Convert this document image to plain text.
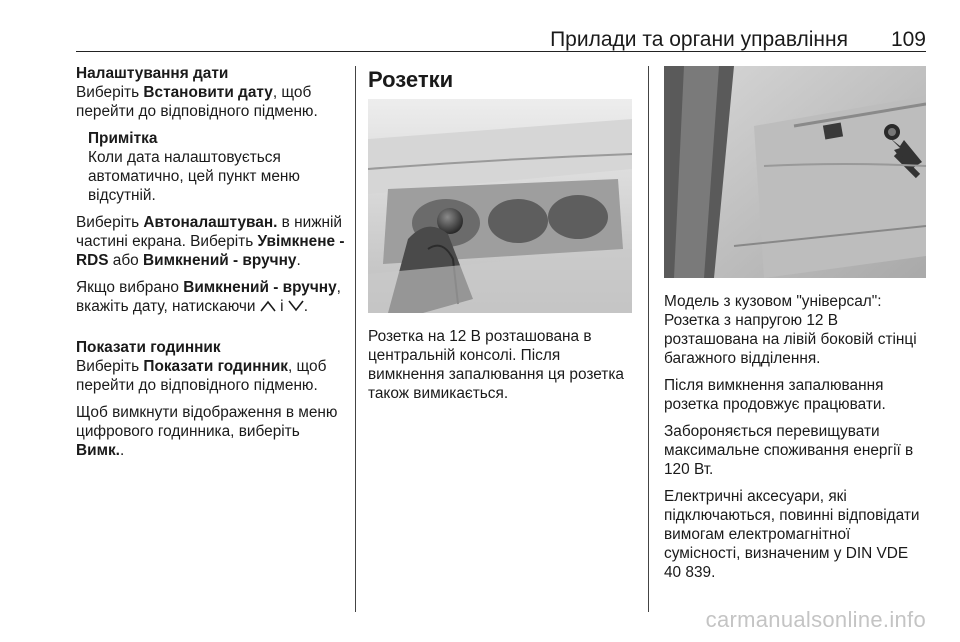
Прилади та органи управління 109
Налаштування дати

Виберіть Встановити дату, щоб перейти до відповідного підменю.

Примітка
Коли дата налаштовується автоматично, цей пункт меню відсутній.

Виберіть Автоналаштуван. в нижній частині екрана. Виберіть Увімкнене - RDS або Вимкнений - вручну.

Якщо вибрано Вимкнений - вручну, вкажіть дату, натискаючи  і .

Показати годинник

Виберіть Показати годинник, щоб перейти до відповідного підменю.

Щоб вимкнути відображення в меню цифрового годинника, виберіть Вимк..

Розетки

Розетка на 12 В розташована в центральній консолі. Після вимкнення запалювання ця розетка також вимикається.

Модель з кузовом "універсал": Розетка з напругою 12 В розташована на лівій боковій стінці багажного відділення.

Після вимкнення запалювання розетка продовжує працювати.

Забороняється перевищувати максимальне споживання енергії в 120 Вт.

Електричні аксесуари, які підключаються, повинні відповідати вимогам електромагнітної сумісності, визначеним у DIN VDE 40 839.

carmanualsonline.info
